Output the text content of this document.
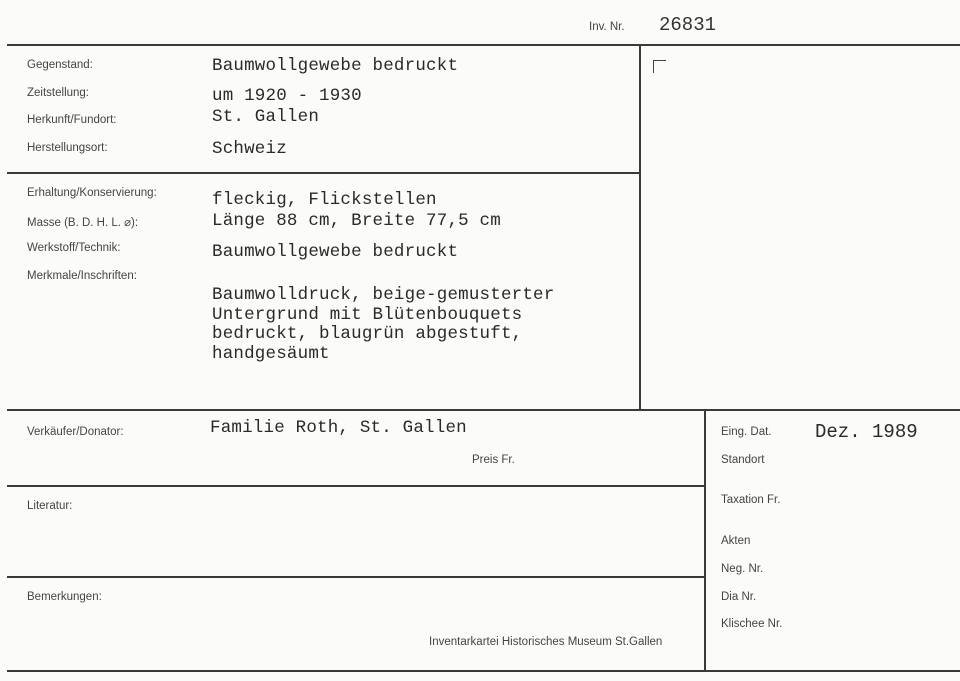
Inv. Nr. 26831
Gegenstand:	Baumwollgewebe bedruckt
Zeitstellung:	um 1920 - 1930
Herkunft/Fundort:	St. Gallen
Herstellungsort:	Schweiz
Erhaltung/Konservierung:	fleckig, Flickstellen
Masse (B. D. H. L. ⌀):	Länge 88 cm, Breite 77,5 cm
Werkstoff/Technik:	Baumwollgewebe bedruckt
Merkmale/Inschriften:
Baumwolldruck, beige-gemusterter
Untergrund mit Blütenbouquets
bedruckt, blaugrün abgestuft,
handgesäumt
Verkäufer/Donator:	Familie Roth, St. Gallen
Preis Fr.
Literatur:
Bemerkungen:
Inventarkartei Historisches Museum St.Gallen
Eing. Dat. Dez. 1989
Standort
Taxation Fr.
Akten
Neg. Nr.
Dia Nr.
Klischee Nr.
